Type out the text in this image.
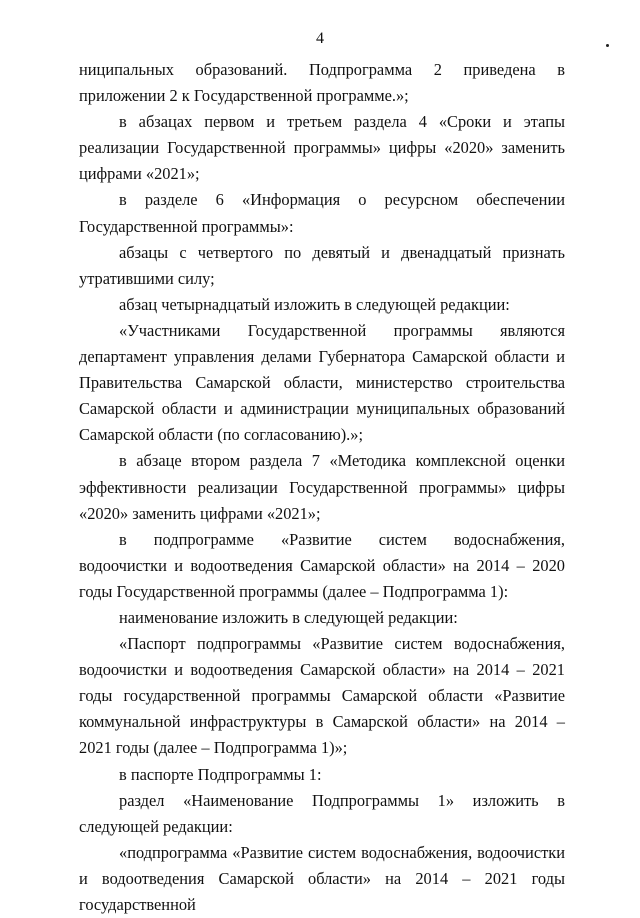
4

ниципальных образований. Подпрограмма 2 приведена в приложении 2 к Государственной программе.»;

в абзацах первом и третьем раздела 4 «Сроки и этапы реализации Государственной программы» цифры «2020» заменить цифрами «2021»;

в разделе 6 «Информация о ресурсном обеспечении Государственной программы»:

абзацы с четвертого по девятый и двенадцатый признать утратившими силу;

абзац четырнадцатый изложить в следующей редакции:

«Участниками Государственной программы являются департамент управления делами Губернатора Самарской области и Правительства Самарской области, министерство строительства Самарской области и администрации муниципальных образований Самарской области (по согласованию).»;

в абзаце втором раздела 7 «Методика комплексной оценки эффективности реализации Государственной программы» цифры «2020» заменить цифрами «2021»;

в подпрограмме «Развитие систем водоснабжения, водоочистки и водоотведения Самарской области» на 2014 – 2020 годы Государственной программы (далее – Подпрограмма 1):

наименование изложить в следующей редакции:

«Паспорт подпрограммы «Развитие систем водоснабжения, водоочистки и водоотведения Самарской области» на 2014 – 2021 годы государственной программы Самарской области «Развитие коммунальной инфраструктуры в Самарской области» на 2014 – 2021 годы (далее – Подпрограмма 1)»;

в паспорте Подпрограммы 1:

раздел «Наименование Подпрограммы 1» изложить в следующей редакции:

«подпрограмма «Развитие систем водоснабжения, водоочистки и водоотведения Самарской области» на 2014 – 2021 годы государственной
